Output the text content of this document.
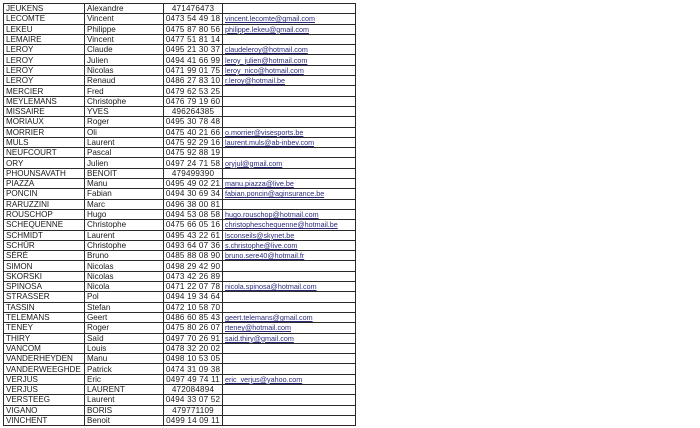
JEUKENS	Alexandre	471476473	
LECOMTE	Vincent	0473 54 49 18	vincent.lecomte@gmail.com
LEKEU	Philippe	0475 87 80 56	philippe.lekeu@gmail.com
LEMAIRE	Vincent	0477 51 81 14	
LEROY	Claude	0495 21 30 37	claudeleroy@hotmail.com
LEROY	Julien	0494 41 66 99	leroy_julien@hotmail.com
LEROY	Nicolas	0471 99 01 75	leroy_nico@hotmail.com
LEROY	Renaud	0486 27 83 10	r.leroy@hotmail.be
MERCIER	Fred	0479 62 53 25	
MEYLEMANS	Christophe	0476 79 19 60	
MISSAIRE	YVES	496264385	
MORIAUX	Roger	0495 30 78 48	
MORRIER	Oli	0475 40 21 66	o.morrier@visesports.be
MULS	Laurent	0475 92 29 16	laurent.muls@ab-inbev.com
NEUFCOURT	Pascal	0475 92 88 19	
ORY	Julien	0497 24 71 58	oryjul@gmail.com
PHOUNSAVATH	BENOIT	479499390	
PIAZZA	Manu	0495 49 02 21	manu.piazza@live.be
PONCIN	Fabian	0494 30 69 34	fabian.poncin@aginsurance.be
RARUZZINI	Marc	0496 38 00 81	
ROUSCHOP	Hugo	0494 53 08 58	hugo.rouschop@hotmail.com
SCHEQUENNE	Christophe	0475 66 05 16	christopheschequenne@hotmail.be
SCHMIDT	Laurent	0495 43 22 61	lsconseils@skynet.be
SCHÜR	Christophe	0493 64 07 36	s.christophe@live.com
SÉRÉ	Bruno	0485 88 08 90	bruno.sere40@hotmail.fr
SIMON	Nicolas	0498 29 42 90	
SKORSKI	Nicolas	0473 42 26 89	
SPINOSA	Nicola	0471 22 07 78	nicola.spinosa@hotmail.com
STRASSER	Pol	0494 19 34 64	
TASSIN	Stefan	0472 10 58 70	
TELEMANS	Geert	0486 60 85 43	geert.telemans@gmail.com
TENEY	Roger	0475 80 26 07	rteney@hotmail.com
THIRY	Saïd	0497 70 26 91	said.thiry@gmail.com
VANCOM	Louis	0478 32 20 02	
VANDERHEYDEN	Manu	0498 10 53 05	
VANDERWEEGHDE	Patrick	0474 31 09 38	
VERJUS	Eric	0497 49 74 11	eric_verjus@yahoo.com
VERJUS	LAURENT	472084894	
VERSTEEG	Laurent	0494 33 07 52	
VIGANO	BORIS	479771109	
VINCHENT	Benoit	0499 14 09 11	
